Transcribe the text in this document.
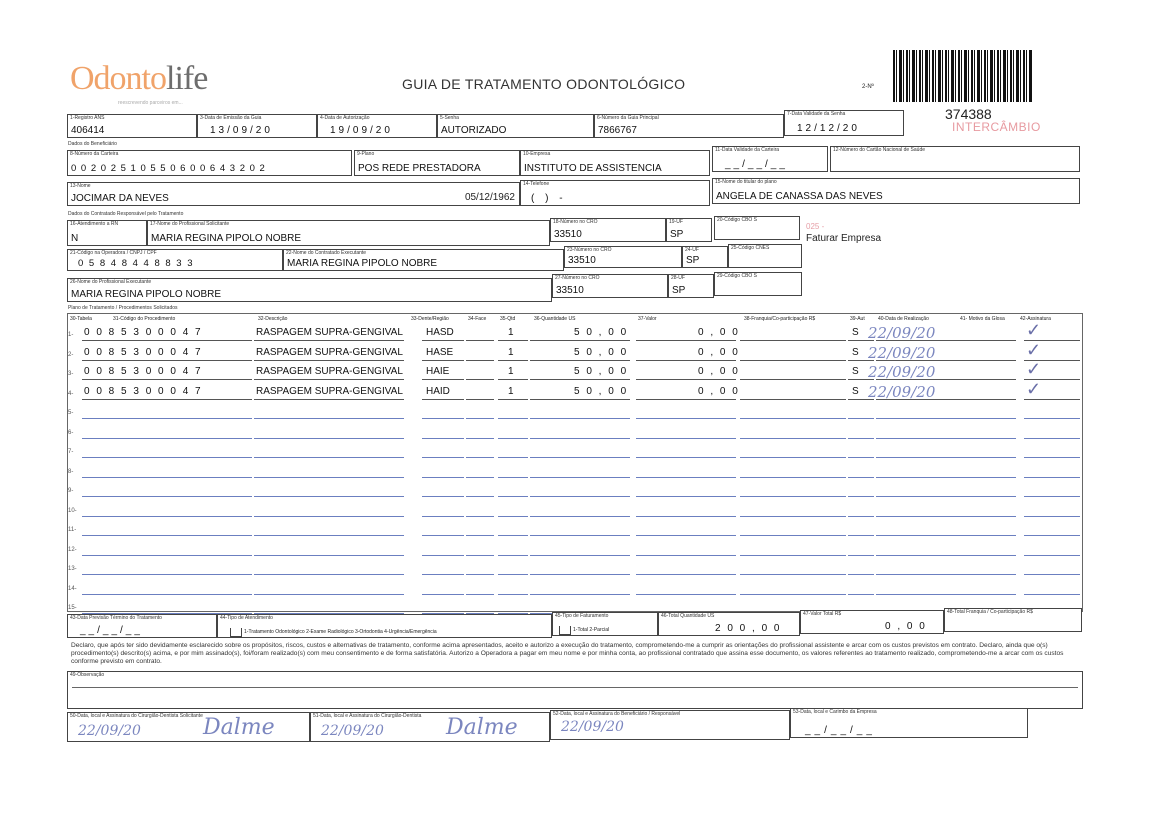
Odontolife
reescrevendo parceiros em...
GUIA DE TRATAMENTO ODONTOLÓGICO	2-Nº
374388
INTERCÂMBIO
1-Registro ANS
406414
3-Data de Emissão da Guia
13/09/20
4-Data de Autorização
19/09/20
5-Senha
AUTORIZADO
6-Número da Guia Principal
7866767
7-Data Validade da Senha
12/12/20
Dados do Beneficiário
8-Número da Carteira
0 0 2 0 2 5 1 0 5 5 0 6 0 0 6 4 3 2 0 2
9-Plano
POS REDE PRESTADORA
10-Empresa
INSTITUTO DE ASSISTENCIA
11-Data Validade da Carteira
__/__/__
12-Número do Cartão Nacional de Saúde
13-Nome
JOCIMAR DA NEVES	05/12/1962
14-Telefone
( ) -
15-Nome do titular do plano
ANGELA DE CANASSA DAS NEVES
Dados do Contratado Responsável pelo Tratamento
16-Atendimento a RN
N
17-Nome do Profissional Solicitante
MARIA REGINA PIPOLO NOBRE
18-Número no CRO
33510
19-UF
SP
20-Código CBO S
025 -
Faturar Empresa
21-Código na Operadora / CNPJ / CPF
0 5 8 4 8 4 4 8 8 3 3
22-Nome do Contratado Executante
MARIA REGINA PIPOLO NOBRE
23-Número no CRO
33510
24-UF
SP
25-Código CNES
26-Nome do Profissional Executante
MARIA REGINA PIPOLO NOBRE
27-Número no CRO
33510
28-UF
SP
29-Código CBO S
Plano de Tratamento / Procedimentos Solicitados
30-Tabela	31-Código do Procedimento	32-Descrição	33-Dente/Região	34-Face	35-Qtd	36-Quantidade US	37-Valor	38-Franquia/Co-participação R$	39-Aut	40-Data de Realização	41- Motivo da Glosa	42-Assinatura
1- 0 0 8 5 3 0 0 0 4 7	RASPAGEM SUPRA-GENGIVAL HASD	1	5 0 , 0 0	0 , 0 0	S 22/09/20	✓
2- 0 0 8 5 3 0 0 0 4 7	RASPAGEM SUPRA-GENGIVAL HASE	1	5 0 , 0 0	0 , 0 0	S 22/09/20	✓
3- 0 0 8 5 3 0 0 0 4 7	RASPAGEM SUPRA-GENGIVAL HAIE	1	5 0 , 0 0	0 , 0 0	S 22/09/20	✓
4- 0 0 8 5 3 0 0 0 4 7	RASPAGEM SUPRA-GENGIVAL HAID	1	5 0 , 0 0	0 , 0 0	S 22/09/20	✓
5-
6-
7-
8-
9-
10-
11-
12-
13-
14-
15-
43-Data Previsão Término do Tratamento
__/__/__
44-Tipo de Atendimento
1-Tratamento Odontológico 2-Exame Radiológico 3-Ortodontia 4-Urgência/Emergência
45-Tipo de Faturamento
1-Total 2-Parcial
46-Total Quantidade US
2 0 0 , 0 0
47-Valor Total R$
0 , 0 0
48-Total Franquia / Co-participação R$
Declaro, que após ter sido devidamente esclarecido sobre os propósitos, riscos, custos e alternativas de tratamento, conforme acima apresentados, aceito e autorizo a execução do tratamento, comprometendo-me a cumprir as orientações do profissional assistente e arcar com os custos previstos em contrato. Declaro, ainda que o(s) procedimento(s) descrito(s) acima, e por mim assinado(s), foi/foram realizado(s) com meu consentimento e de forma satisfatória. Autorizo a Operadora a pagar em meu nome e por minha conta, ao profissional contratado que assina esse documento, os valores referentes ao tratamento realizado, comprometendo-me a arcar com os custos conforme previsto em contrato.
49-Observação
50-Data, local e Assinatura do Cirurgião-Dentista Solicitante
22/09/20	Dalme	51-Data, local e Assinatura do Cirurgião-Dentista
22/09/20	Dalme
52-Data, local e Assinatura do Beneficiário / Responsável
22/09/20
53-Data, local e Carimbo da Empresa
__/__/__
